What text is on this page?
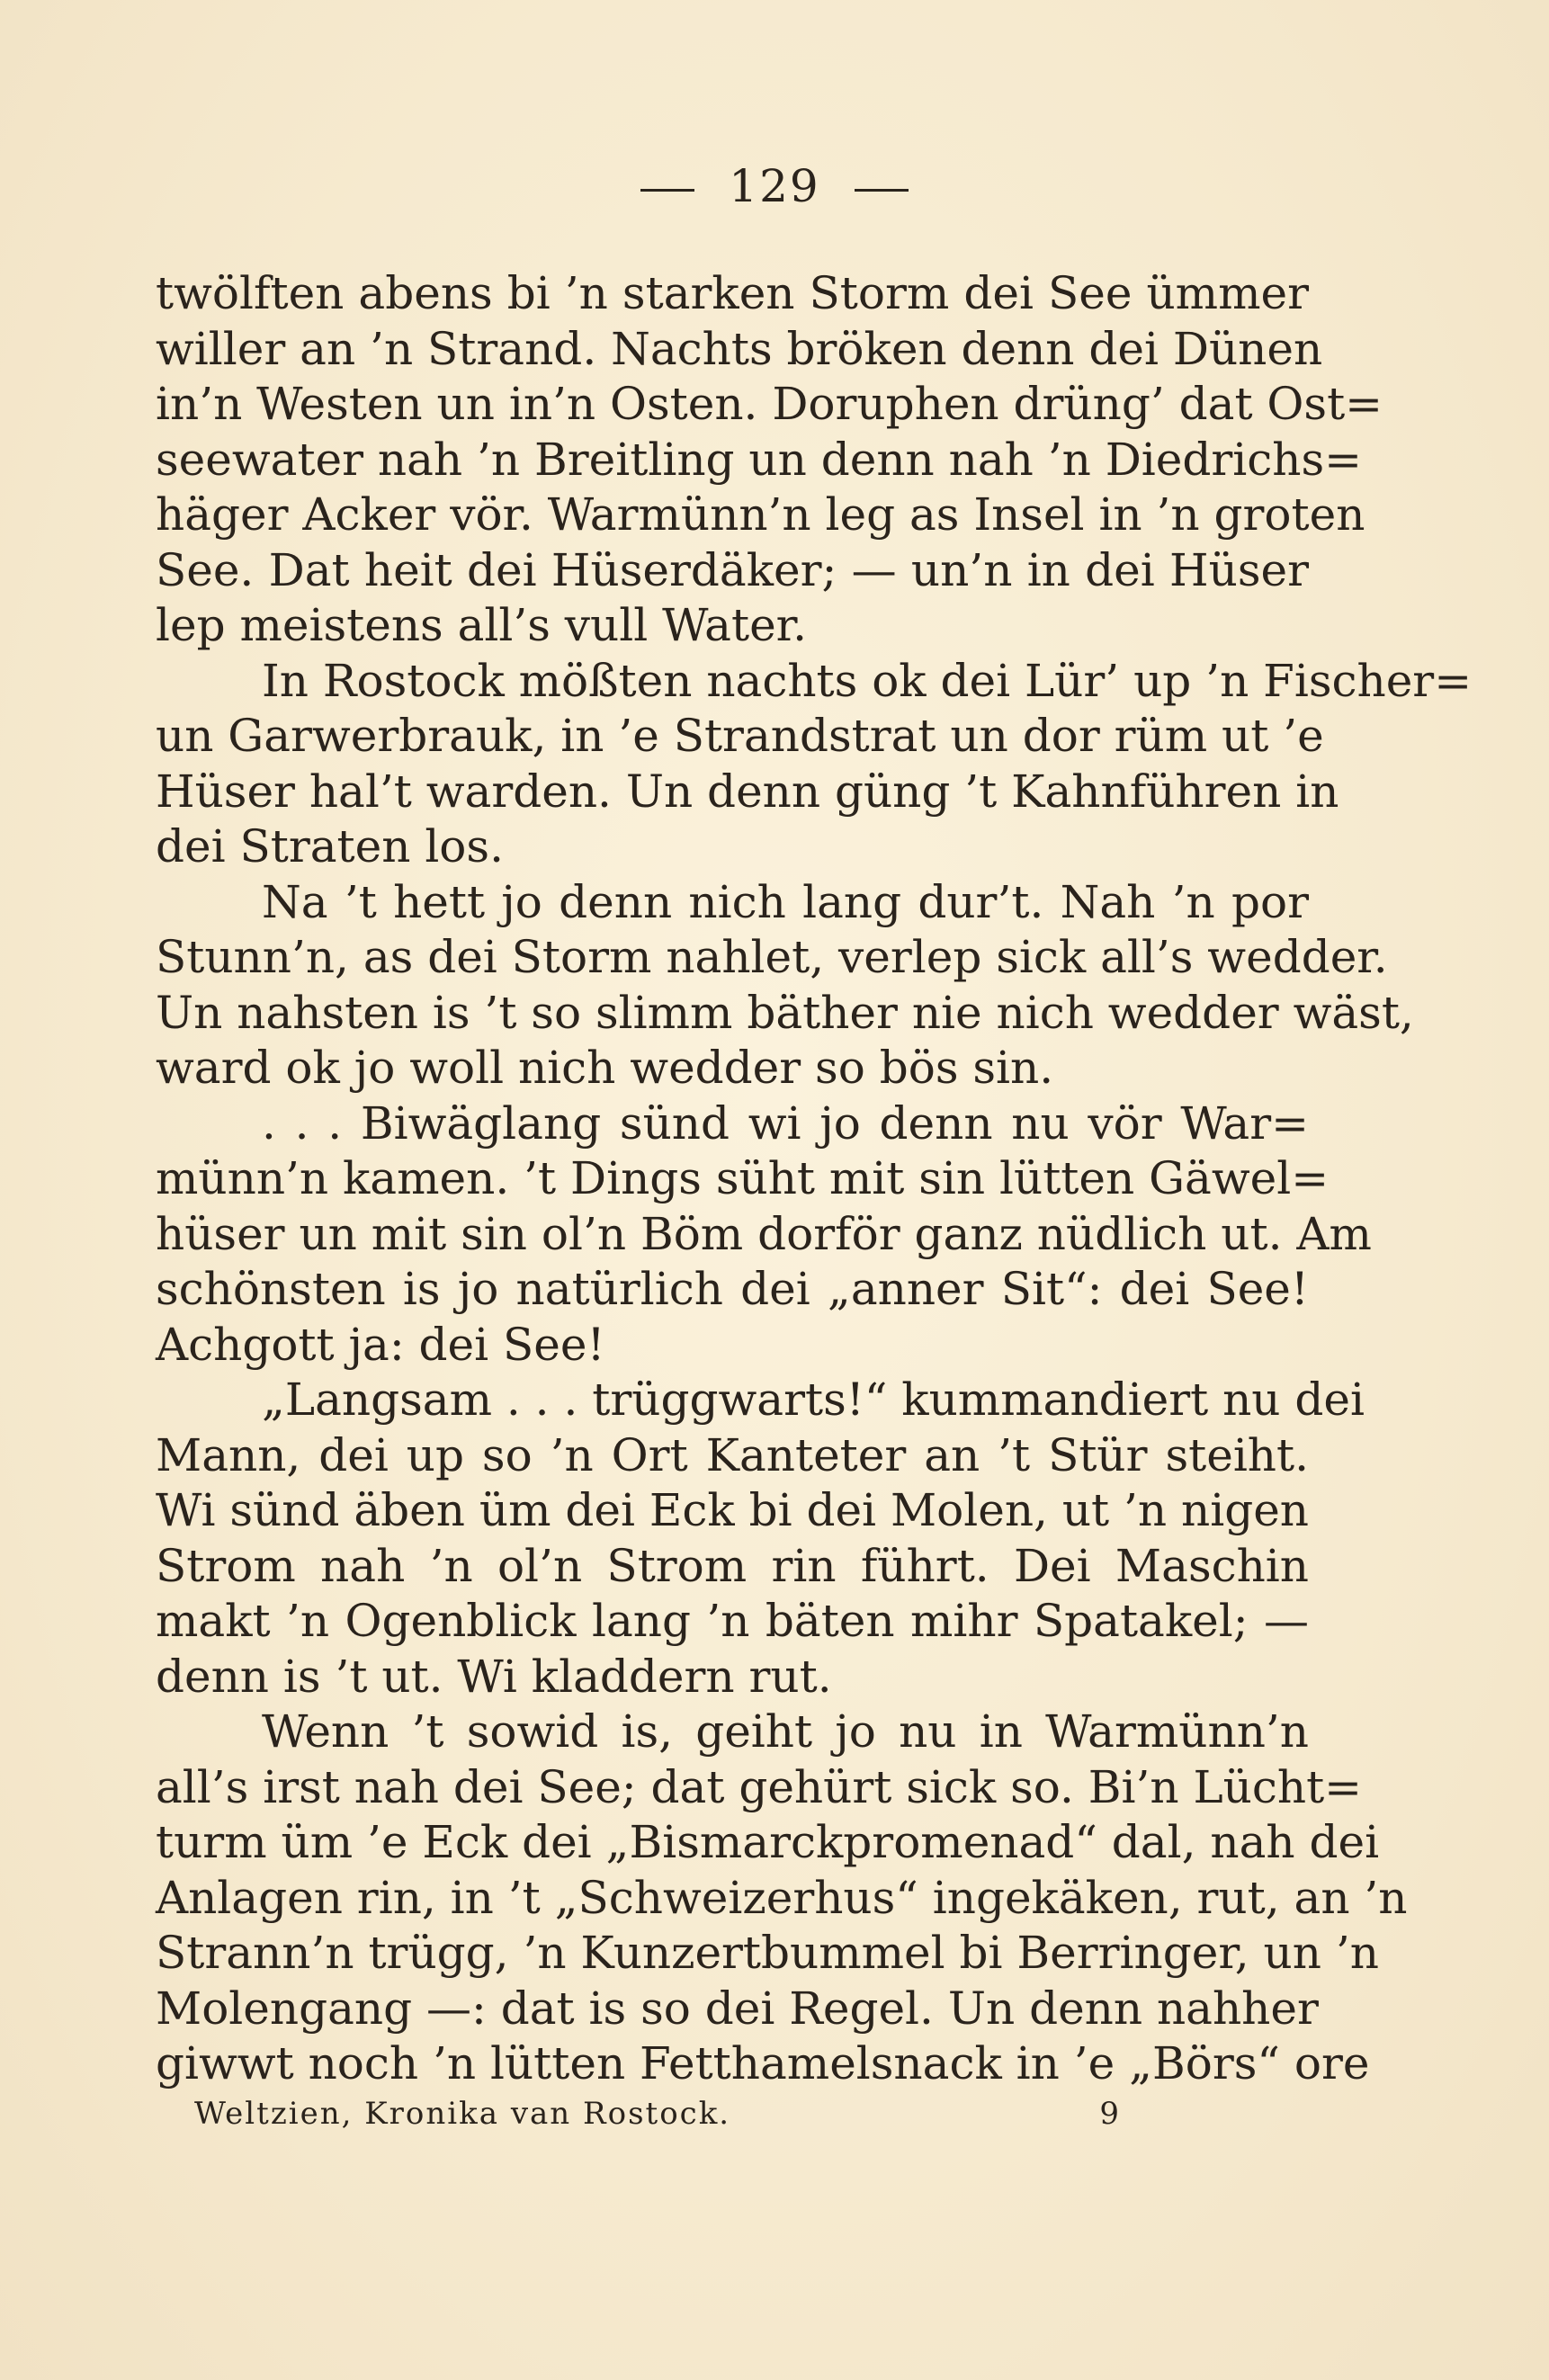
129
twölften abens bi ’n starken Storm dei See ümmer
willer an ’n Strand. Nachts bröken denn dei Dünen
in’n Westen un in’n Osten. Doruphen drüng’ dat Ost=
seewater nah ’n Breitling un denn nah ’n Diedrichs=
häger Acker vör. Warmünn’n leg as Insel in ’n groten
See. Dat heit dei Hüserdäker; — un’n in dei Hüser
lep meistens all’s vull Water.
In Rostock mößten nachts ok dei Lür’ up ’n Fischer=
un Garwerbrauk, in ’e Strandstrat un dor rüm ut ’e
Hüser hal’t warden. Un denn güng ’t Kahnführen in
dei Straten los.
Na ’t hett jo denn nich lang dur’t. Nah ’n por
Stunn’n, as dei Storm nahlet, verlep sick all’s wedder.
Un nahsten is ’t so slimm bäther nie nich wedder wäst,
ward ok jo woll nich wedder so bös sin.
. . . Biwäglang sünd wi jo denn nu vör War=
münn’n kamen. ’t Dings süht mit sin lütten Gäwel=
hüser un mit sin ol’n Böm dorför ganz nüdlich ut. Am
schönsten is jo natürlich dei „anner Sit“: dei See!
Achgott ja: dei See!
„Langsam . . . trüggwarts!“ kummandiert nu dei
Mann, dei up so ’n Ort Kanteter an ’t Stür steiht.
Wi sünd äben üm dei Eck bi dei Molen, ut ’n nigen
Strom nah ’n ol’n Strom rin führt. Dei Maschin
makt ’n Ogenblick lang ’n bäten mihr Spatakel; —
denn is ’t ut. Wi kladdern rut.
Wenn ’t sowid is, geiht jo nu in Warmünn’n
all’s irst nah dei See; dat gehürt sick so. Bi’n Lücht=
turm üm ’e Eck dei „Bismarckpromenad“ dal, nah dei
Anlagen rin, in ’t „Schweizerhus“ ingekäken, rut, an ’n
Strann’n trügg, ’n Kunzertbummel bi Berringer, un ’n
Molengang —: dat is so dei Regel. Un denn nahher
giwwt noch ’n lütten Fetthamelsnack in ’e „Börs“ ore
Weltzien, Kronika van Rostock.	9
